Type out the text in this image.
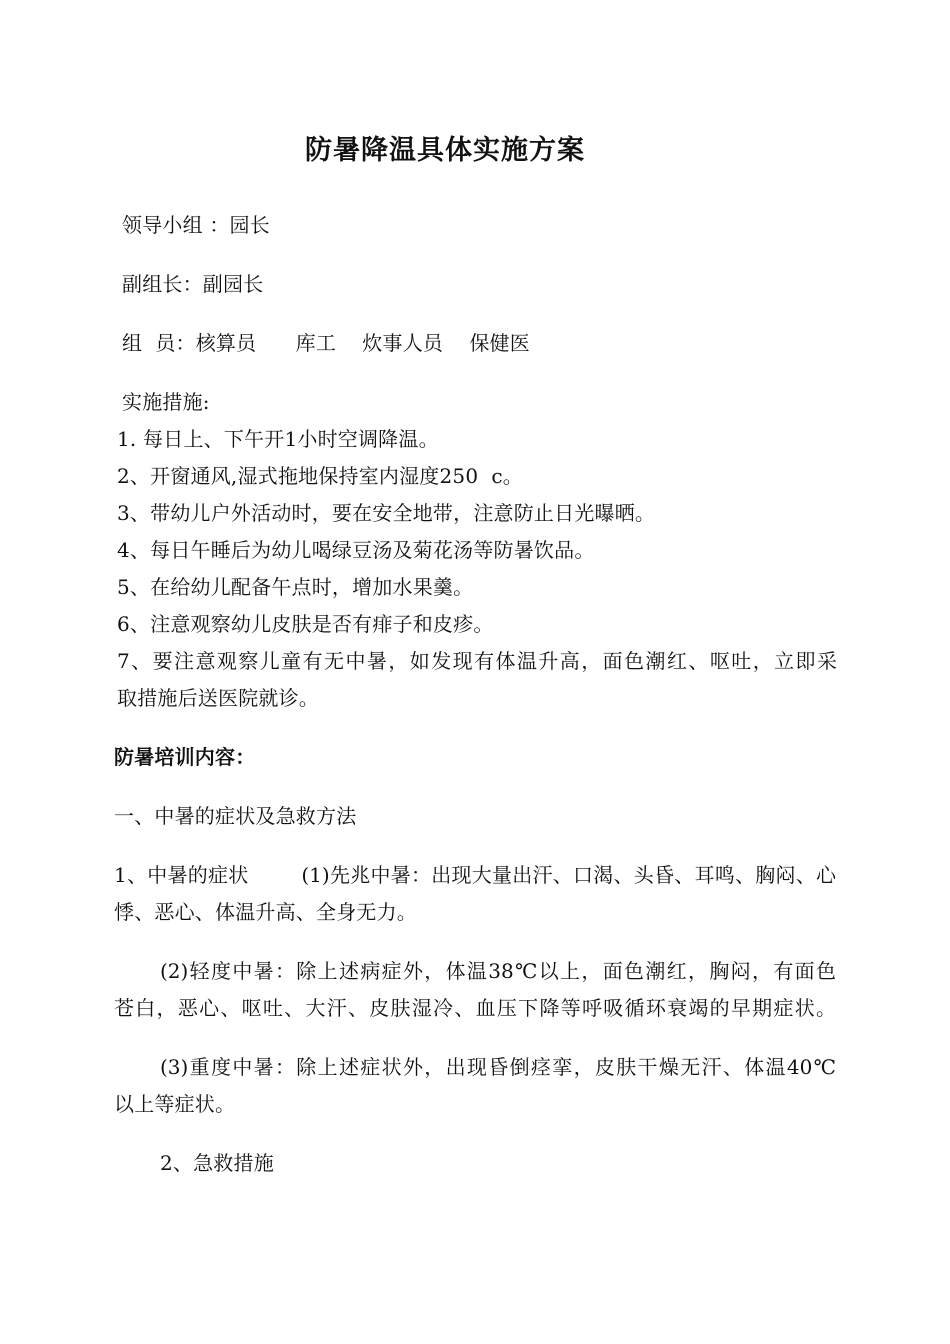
防暑降温具体实施方案
领导小组 ：园长
副组长：副园长
组  员：核算员      库工    炊事人员    保健医
实施措施:
1. 每日上、下午开1小时空调降温。
2、开窗通风,湿式拖地保持室内湿度250  c。
3、带幼儿户外活动时，要在安全地带，注意防止日光曝晒。
4、每日午睡后为幼儿喝绿豆汤及菊花汤等防暑饮品。
5、在给幼儿配备午点时，增加水果羹。
6、注意观察幼儿皮肤是否有痱子和皮疹。
7、要注意观察儿童有无中暑，如发现有体温升高，面色潮红、呕吐，立即采
取措施后送医院就诊。
防暑培训内容：
一、中暑的症状及急救方法
1、中暑的症状        (1)先兆中暑：出现大量出汗、口渴、头昏、耳鸣、胸闷、心
悸、恶心、体温升高、全身无力。
(2)轻度中暑：除上述病症外，体温38℃以上，面色潮红，胸闷，有面色
苍白，恶心、呕吐、大汗、皮肤湿冷、血压下降等呼吸循环衰竭的早期症状。
(3)重度中暑：除上述症状外，出现昏倒痉挛，皮肤干燥无汗、体温40℃
以上等症状。
2、急救措施
